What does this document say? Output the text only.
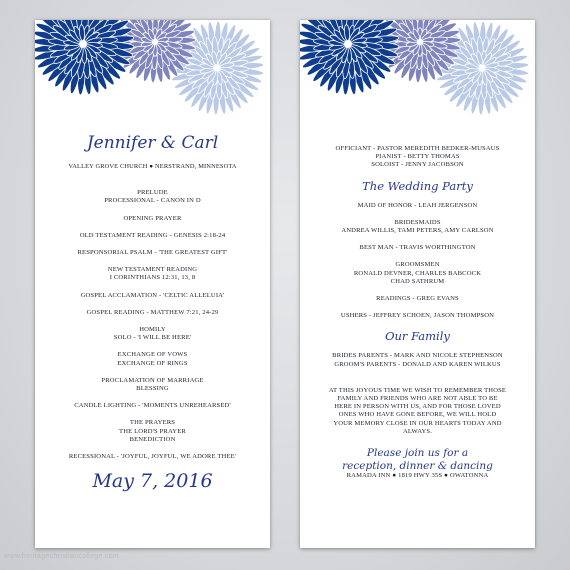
Jennifer & Carl
VALLEY GROVE CHURCH ● NERSTRAND, MINNESOTA
PRELUDE
PROCESSIONAL - CANON IN D
OPENING PRAYER
OLD TESTAMENT READING - GENESIS 2:18-24
RESPONSORIAL PSALM - 'THE GREATEST GIFT'
NEW TESTAMENT READING
I CORINTHIANS 12:31, 13, 8
GOSPEL ACCLAMATION - 'CELTIC ALLELUIA'
GOSPEL READING - MATTHEW 7:21, 24-29
HOMILY
SOLO - 'I WILL BE HERE'
EXCHANGE OF VOWS
EXCHANGE OF RINGS
PROCLAMATION OF MARRIAGE
BLESSING
CANDLE LIGHTING - 'MOMENTS UNREHEARSED'
THE PRAYERS
THE LORD'S PRAYER
BENEDICTION
RECESSIONAL - 'JOYFUL, JOYFUL, WE ADORE THEE'
May 7, 2016
OFFICIANT - PASTOR MEREDITH BEDKER-MUSAUS
PIANIST - BETTY THOMAS
SOLOIST - JENNY JACOBSON
The Wedding Party
MAID OF HONOR - LEAH JERGENSON
BRIDESMAIDS
ANDREA WILLIS, TAMI PETERS, AMY CARLSON
BEST MAN - TRAVIS WORTHINGTON
GROOMSMEN
RONALD DEVNER, CHARLES BABCOCK
CHAD SATHRUM
READINGS - GREG EVANS
USHERS - JEFFREY SCHOEN, JASON THOMPSON
Our Family
BRIDES PARENTS - MARK AND NICOLE STEPHENSON
GROOM'S PARENTS - DONALD AND KAREN WILKUS
AT THIS JOYOUS TIME WE WISH TO REMEMBER THOSE
FAMILY AND FRIENDS WHO ARE NOT ABLE TO BE
HERE IN PERSON WITH US, AND FOR THOSE LOVED
ONES WHO HAVE GONE BEFORE, WE WILL HOLD
YOUR MEMORY CLOSE IN OUR HEARTS TODAY AND
ALWAYS.
Please join us for a
reception, dinner & dancing
RAMADA INN ● 1819 HWY 35S ● OWATONNA
www.heritagechristiancollege.com
